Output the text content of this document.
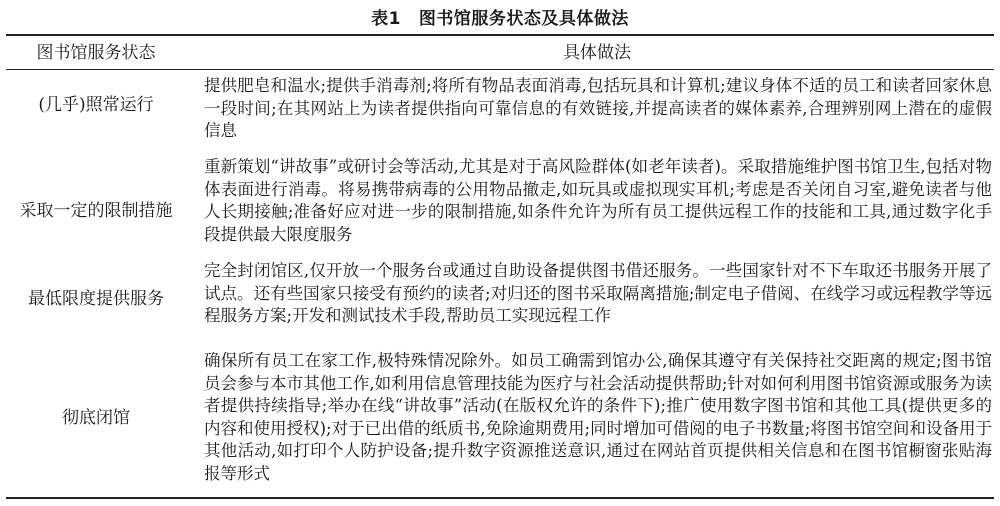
表1 图书馆服务状态及具体做法
图书馆服务状态	具体做法
(几乎)照常运行
提供肥皂和温水;提供手消毒剂;将所有物品表面消毒,包括玩具和计算机;建议身体不适的员工和读者回家休息一段时间;在其网站上为读者提供指向可靠信息的有效链接,并提高读者的媒体素养,合理辨别网上潜在的虚假信息
采取一定的限制措施
重新策划“讲故事”或研讨会等活动,尤其是对于高风险群体(如老年读者)。采取措施维护图书馆卫生,包括对物体表面进行消毒。将易携带病毒的公用物品撤走,如玩具或虚拟现实耳机;考虑是否关闭自习室,避免读者与他人长期接触;准备好应对进一步的限制措施,如条件允许为所有员工提供远程工作的技能和工具,通过数字化手段提供最大限度服务
最低限度提供服务
完全封闭馆区,仅开放一个服务台或通过自助设备提供图书借还服务。一些国家针对不下车取还书服务开展了试点。还有些国家只接受有预约的读者;对归还的图书采取隔离措施;制定电子借阅、在线学习或远程教学等远程服务方案;开发和测试技术手段,帮助员工实现远程工作
彻底闭馆
确保所有员工在家工作,极特殊情况除外。如员工确需到馆办公,确保其遵守有关保持社交距离的规定;图书馆员会参与本市其他工作,如利用信息管理技能为医疗与社会活动提供帮助;针对如何利用图书馆资源或服务为读者提供持续指导;举办在线“讲故事”活动(在版权允许的条件下);推广使用数字图书馆和其他工具(提供更多的内容和使用授权);对于已出借的纸质书,免除逾期费用;同时增加可借阅的电子书数量;将图书馆空间和设备用于其他活动,如打印个人防护设备;提升数字资源推送意识,通过在网站首页提供相关信息和在图书馆橱窗张贴海报等形式
